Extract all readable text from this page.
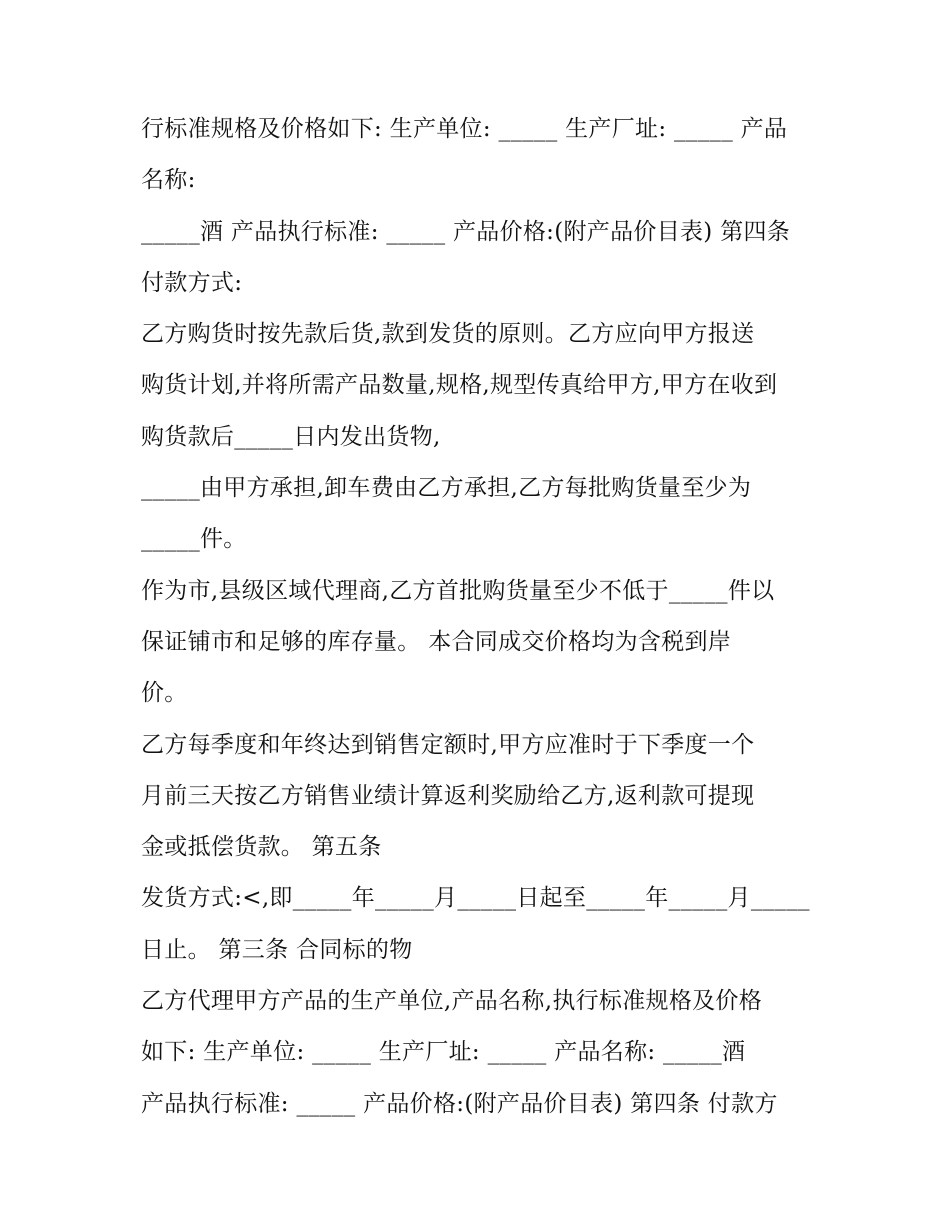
行标准规格及价格如下: 生产单位: _____ 生产厂址: _____ 产品
名称:
_____酒 产品执行标准: _____ 产品价格:(附产品价目表) 第四条
付款方式:
乙方购货时按先款后货,款到发货的原则。乙方应向甲方报送
购货计划,并将所需产品数量,规格,规型传真给甲方,甲方在收到
购货款后_____日内发出货物,
_____由甲方承担,卸车费由乙方承担,乙方每批购货量至少为
_____件。
作为市,县级区域代理商,乙方首批购货量至少不低于_____件以
保证铺市和足够的库存量。 本合同成交价格均为含税到岸
价。
乙方每季度和年终达到销售定额时,甲方应准时于下季度一个
月前三天按乙方销售业绩计算返利奖励给乙方,返利款可提现
金或抵偿货款。 第五条
发货方式:<,即_____年_____月_____日起至_____年_____月_____
日止。 第三条 合同标的物
乙方代理甲方产品的生产单位,产品名称,执行标准规格及价格
如下: 生产单位: _____ 生产厂址: _____ 产品名称: _____酒
产品执行标准: _____ 产品价格:(附产品价目表) 第四条 付款方
